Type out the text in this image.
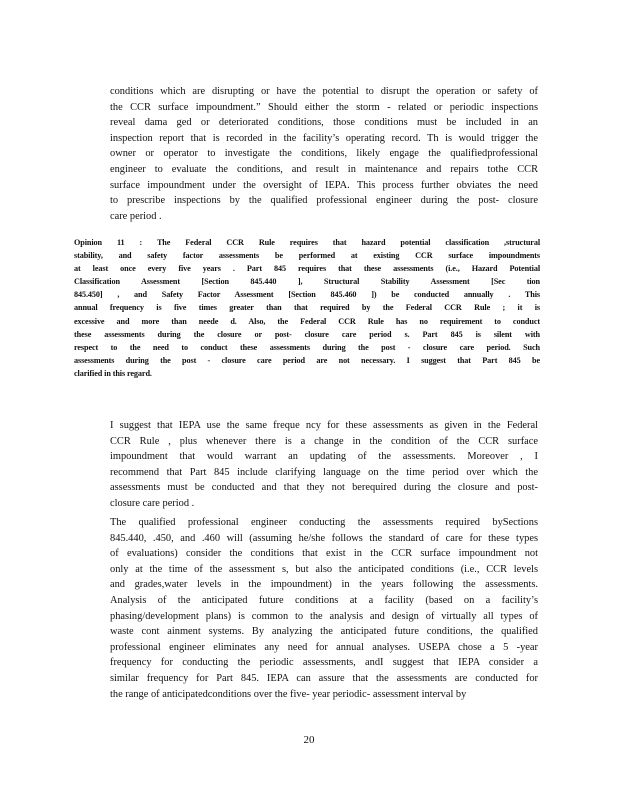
conditions which are disrupting or have the potential to disrupt the operation or safety of
the CCR surface impoundment.” Should either the storm - related or periodic inspections
reveal dama ged or deteriorated conditions, those conditions must be included in an
inspection report that is recorded in the facility’s operating record. Th is would trigger the
owner or operator to investigate the conditions, likely engage the qualifiedprofessional
engineer to evaluate the conditions, and result in maintenance and repairs tothe CCR
surface impoundment under the oversight of IEPA. This process further obviates the need
to prescribe inspections by the qualified professional engineer during the post- closure
care period .
Opinion 11 : The Federal CCR Rule requires that hazard potential classification ,structural
stability, and safety factor assessments be performed at existing CCR surface impoundments
at least once every five years . Part 845 requires that these assessments (i.e., Hazard Potential
Classification Assessment [Section 845.440 ], Structural Stability Assessment [Sec tion
845.450] , and Safety Factor Assessment [Section 845.460 ]) be conducted annually . This
annual frequency is five times greater than that required by the Federal CCR Rule ; it is
excessive and more than neede d. Also, the Federal CCR Rule has no requirement to conduct
these assessments during the closure or post- closure care period s. Part 845 is silent with
respect to the need to conduct these assessments during the post - closure care period. Such
assessments during the post - closure care period are not necessary. I suggest that Part 845 be
clarified in this regard.
I suggest that IEPA use the same freque ncy for these assessments as given in the Federal
CCR Rule , plus whenever there is a change in the condition of the CCR surface
impoundment that would warrant an updating of the assessments. Moreover , I
recommend that Part 845 include clarifying language on the time period over which the
assessments must be conducted and that they not berequired during the closure and post-
closure care period .
The qualified professional engineer conducting the assessments required bySections
845.440, .450, and .460 will (assuming he/she follows the standard of care for these types
of evaluations) consider the conditions that exist in the CCR surface impoundment not
only at the time of the assessment s, but also the anticipated conditions (i.e., CCR levels
and grades,water levels in the impoundment) in the years following the assessments.
Analysis of the anticipated future conditions at a facility (based on a facility’s
phasing/development plans) is common to the analysis and design of virtually all types of
waste cont ainment systems. By analyzing the anticipated future conditions, the qualified
professional engineer eliminates any need for annual analyses. USEPA chose a 5 -year
frequency for conducting the periodic assessments, andI suggest that IEPA consider a
similar frequency for Part 845. IEPA can assure that the assessments are conducted for
the range of anticipatedconditions over the five- year periodic- assessment interval by
20
